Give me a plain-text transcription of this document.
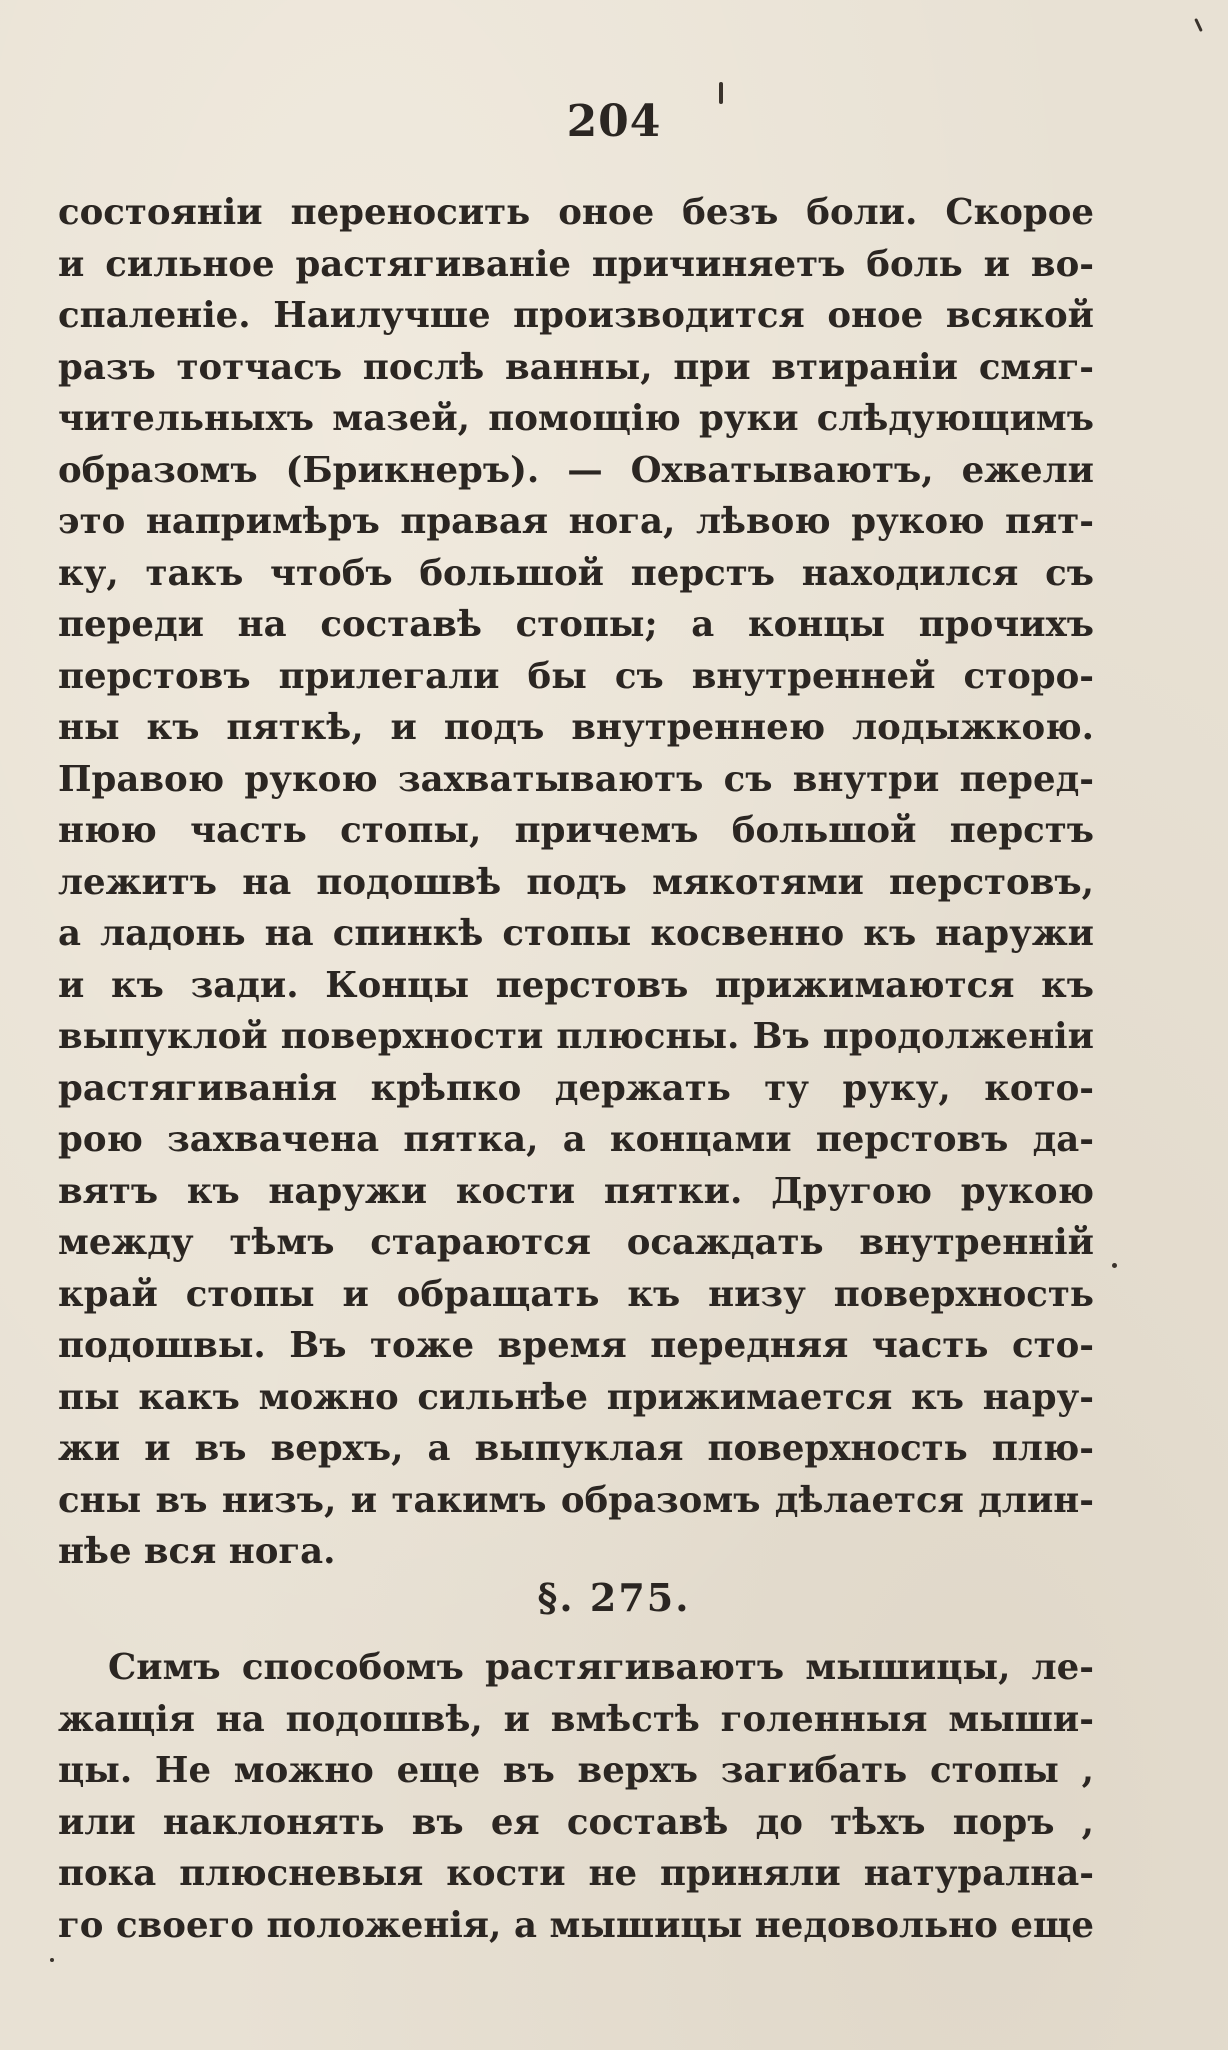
204
состояніи переносить оное безъ боли. Скорое
и сильное растягиваніе причиняетъ боль и во-
спаленіе. Наилучше производится оное всякой
разъ тотчасъ послѣ ванны, при втираніи смяг-
чительныхъ мазей, помощію руки слѣдующимъ
образомъ (Брикнеръ). — Охватываютъ, ежели
это напримѣръ правая нога, лѣвою рукою пят-
ку, такъ чтобъ большой перстъ находился съ
переди на составѣ стопы; а концы прочихъ
перстовъ прилегали бы съ внутренней сторо-
ны къ пяткѣ, и подъ внутреннею лодыжкою.
Правою рукою захватываютъ съ внутри перед-
нюю часть стопы, причемъ большой перстъ
лежитъ на подошвѣ подъ мякотями перстовъ,
а ладонь на спинкѣ стопы косвенно къ наружи
и къ зади. Концы перстовъ прижимаются къ
выпуклой поверхности плюсны. Въ продолженіи
растягиванія крѣпко держать ту руку, кото-
рою захвачена пятка, а концами перстовъ да-
вятъ къ наружи кости пятки. Другою рукою
между тѣмъ стараются осаждать внутренній
край стопы и обращать къ низу поверхность
подошвы. Въ тоже время передняя часть сто-
пы какъ можно сильнѣе прижимается къ нару-
жи и въ верхъ, а выпуклая поверхность плю-
сны въ низъ, и такимъ образомъ дѣлается длин-
нѣе вся нога.
§. 275.
Симъ способомъ растягиваютъ мышицы, ле-
жащія на подошвѣ, и вмѣстѣ голенныя мыши-
цы. Не можно еще въ верхъ загибать стопы ,
или наклонять въ ея составѣ до тѣхъ поръ ,
пока плюсневыя кости не приняли натурална-
го своего положенія, а мышицы недовольно еще
